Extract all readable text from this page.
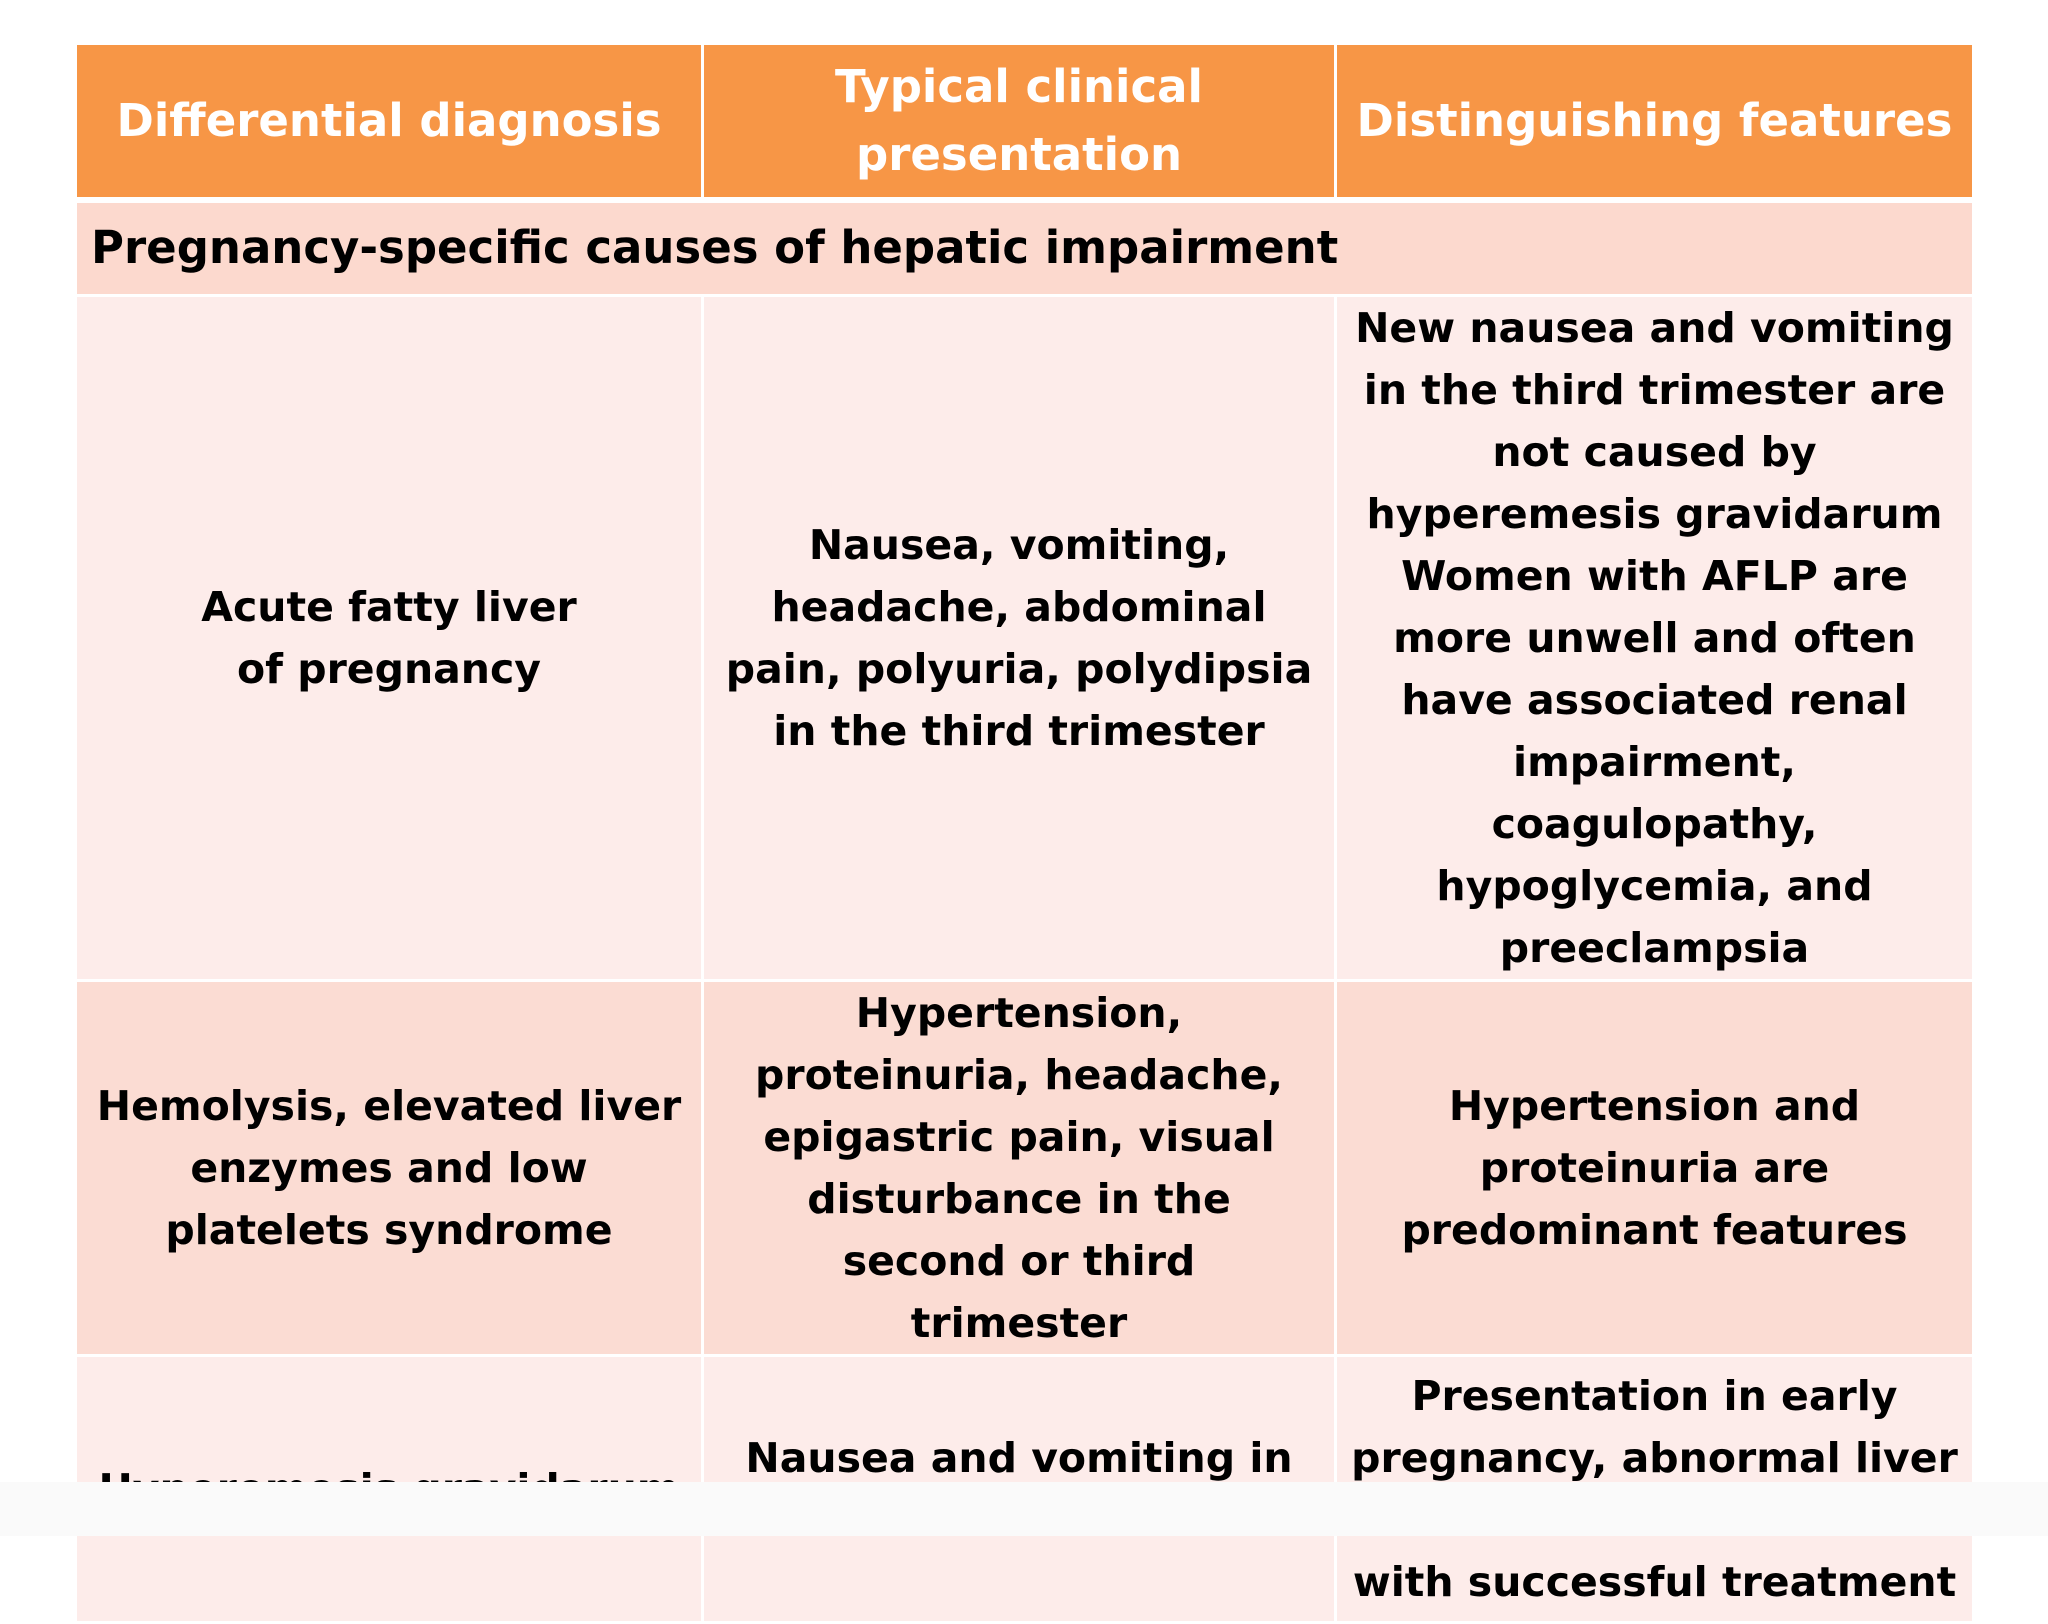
Differential diagnosis	Typical clinical presentation	Distinguishing features
Pregnancy-specific causes of hepatic impairment		
Acute fatty liver of pregnancy	Nausea, vomiting, headache, abdominal pain, polyuria, polydipsia in the third trimester	New nausea and vomiting in the third trimester are not caused by hyperemesis gravidarum
Women with AFLP are more unwell and often have associated renal impairment, coagulopathy, hypoglycemia, and preeclampsia

Hemolysis, elevated liver enzymes and low platelets syndrome	Hypertension, proteinuria, headache, epigastric pain, visual disturbance in the second or third trimester	Hypertension and proteinuria are predominant features

	Nausea and vomiting in	Presentation in early pregnancy, abnormal liver with successful treatment
